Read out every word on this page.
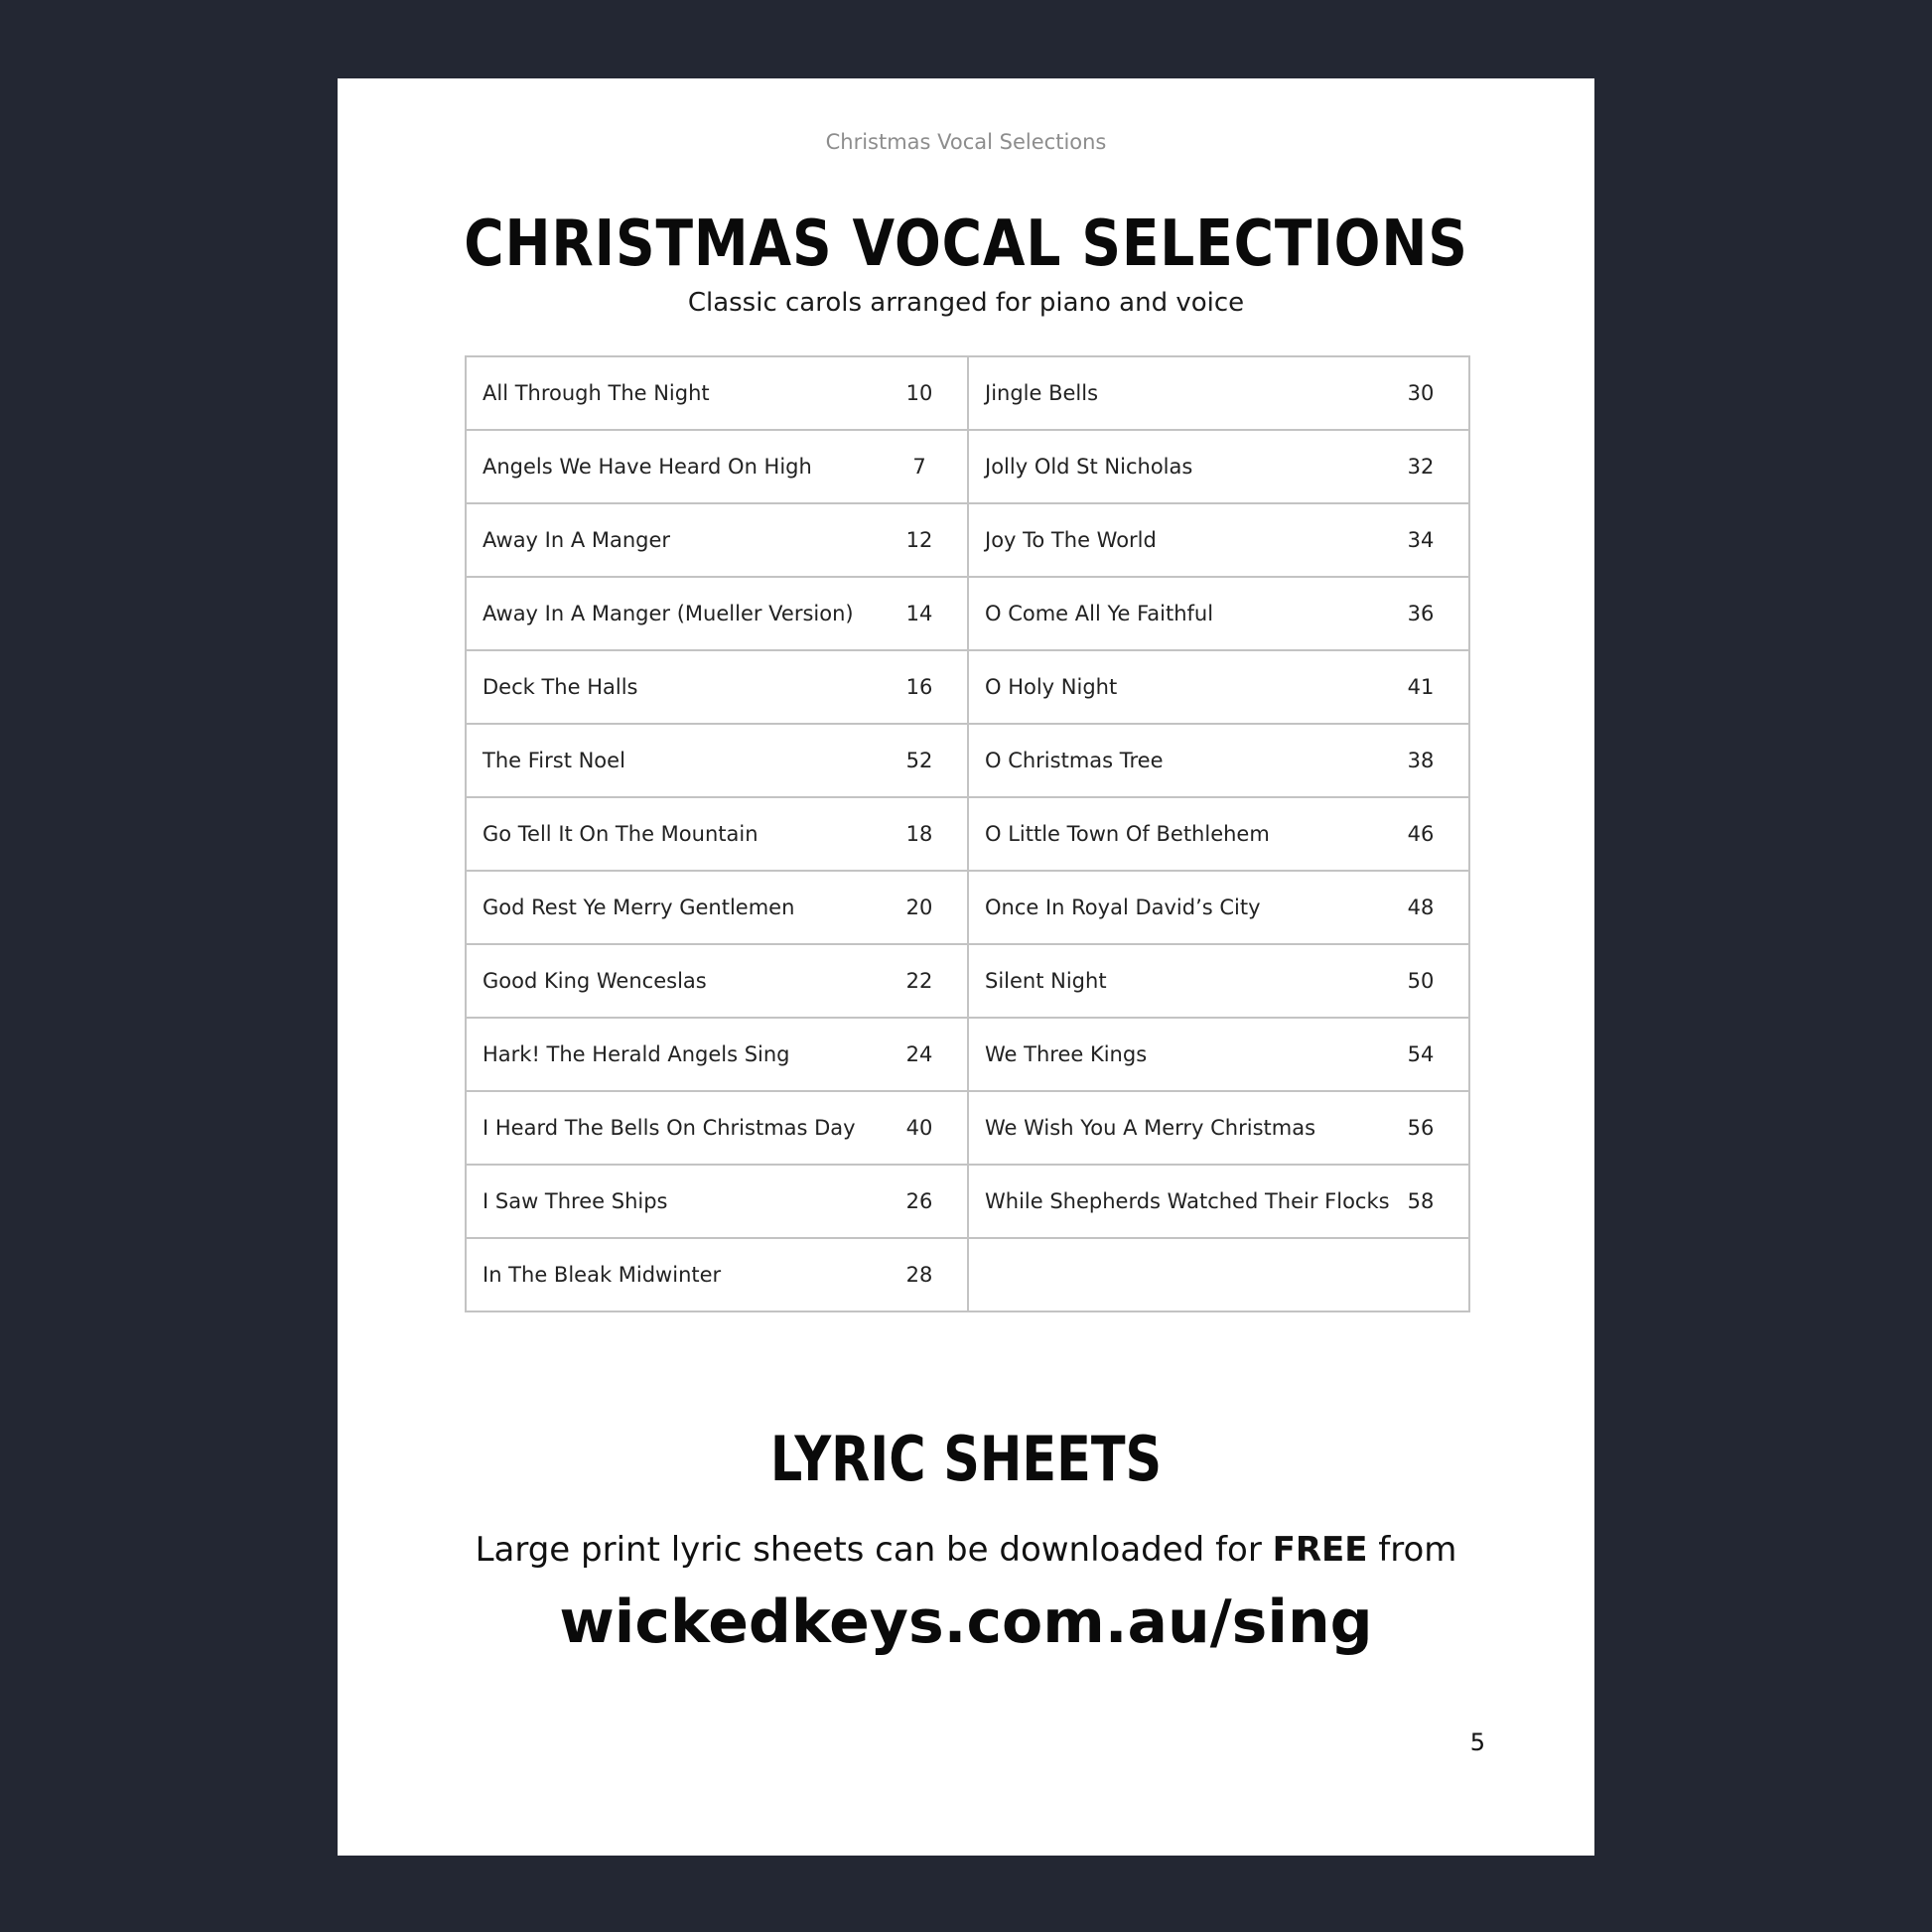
Christmas Vocal Selections
CHRISTMAS VOCAL SELECTIONS
Classic carols arranged for piano and voice
All Through The Night 10	Jingle Bells 30

Angels We Have Heard On High 7	Jolly Old St Nicholas 32

Away In A Manger 12	Joy To The World 34

Away In A Manger (Mueller Version) 14	O Come All Ye Faithful 36

Deck The Halls 16	O Holy Night 41

The First Noel 52	O Christmas Tree 38

Go Tell It On The Mountain 18	O Little Town Of Bethlehem 46

God Rest Ye Merry Gentlemen 20	Once In Royal David’s City 48

Good King Wenceslas 22	Silent Night 50

Hark! The Herald Angels Sing 24	We Three Kings 54

I Heard The Bells On Christmas Day 40	We Wish You A Merry Christmas 56

I Saw Three Ships 26	While Shepherds Watched Their Flocks 58

In The Bleak Midwinter 28	

LYRIC SHEETS
Large print lyric sheets can be downloaded for FREE from
wickedkeys.com.au/sing
5
